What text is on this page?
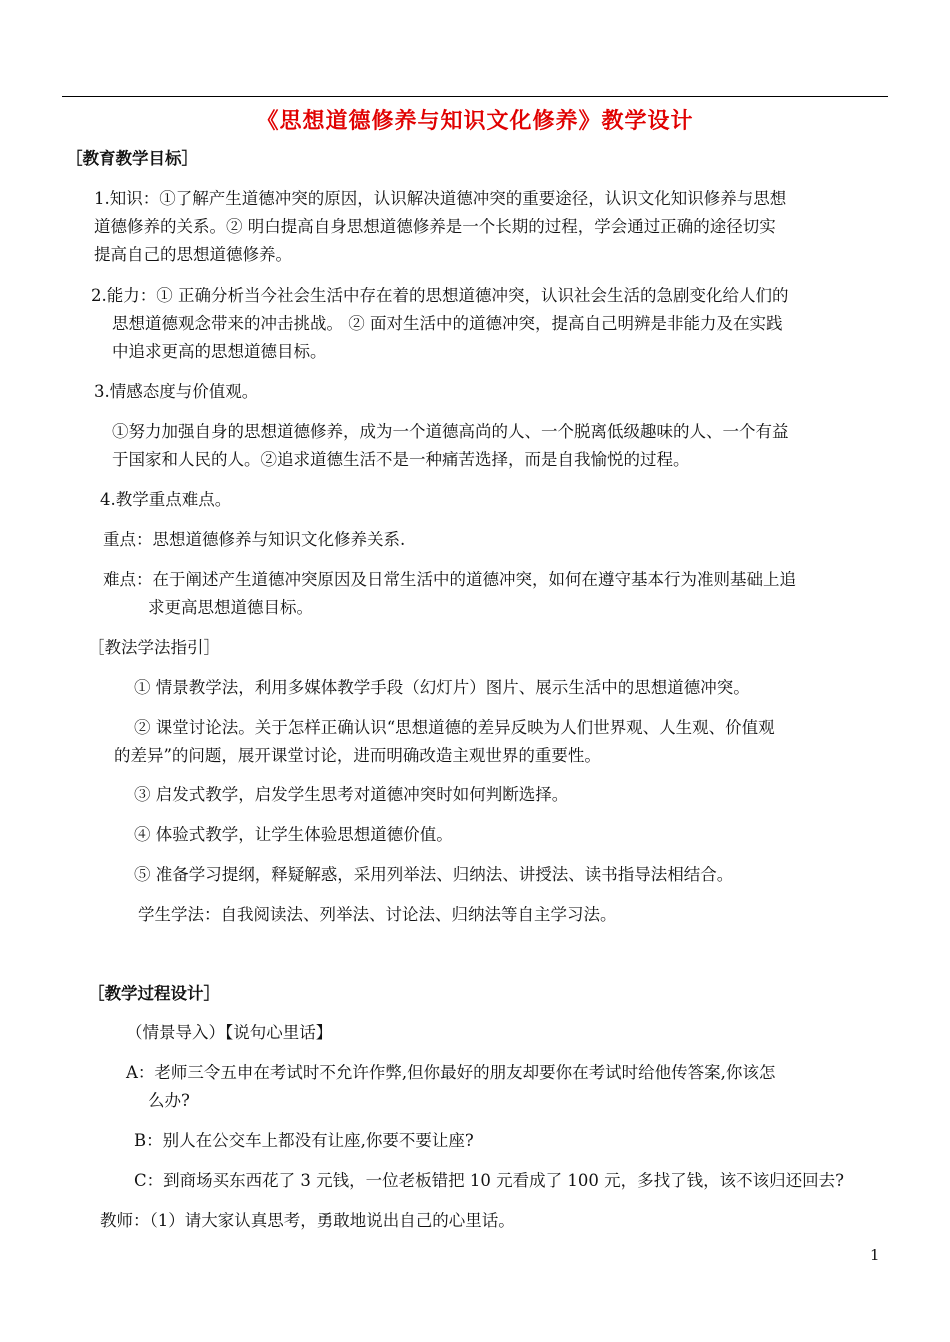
《思想道德修养与知识文化修养》教学设计
［教育教学目标］
1.知识：①了解产生道德冲突的原因，认识解决道德冲突的重要途径，认识文化知识修养与思想
道德修养的关系。② 明白提高自身思想道德修养是一个长期的过程，学会通过正确的途径切实
提高自己的思想道德修养。
2.能力：① 正确分析当今社会生活中存在着的思想道德冲突，认识社会生活的急剧变化给人们的
思想道德观念带来的冲击挑战。 ② 面对生活中的道德冲突，提高自己明辨是非能力及在实践
中追求更高的思想道德目标。
3.情感态度与价值观。
①努力加强自身的思想道德修养，成为一个道德高尚的人、一个脱离低级趣味的人、一个有益
于国家和人民的人。②追求道德生活不是一种痛苦选择，而是自我愉悦的过程。
4.教学重点难点。
重点：思想道德修养与知识文化修养关系.
难点：在于阐述产生道德冲突原因及日常生活中的道德冲突，如何在遵守基本行为准则基础上追
求更高思想道德目标。
［教法学法指引］
① 情景教学法，利用多媒体教学手段（幻灯片）图片、展示生活中的思想道德冲突。
② 课堂讨论法。关于怎样正确认识“思想道德的差异反映为人们世界观、人生观、价值观
的差异”的问题，展开课堂讨论，进而明确改造主观世界的重要性。
③ 启发式教学，启发学生思考对道德冲突时如何判断选择。
④ 体验式教学，让学生体验思想道德价值。
⑤ 准备学习提纲，释疑解惑，采用列举法、归纳法、讲授法、读书指导法相结合。
学生学法：自我阅读法、列举法、讨论法、归纳法等自主学习法。
［教学过程设计］
（情景导入）【说句心里话】
A：老师三令五申在考试时不允许作弊,但你最好的朋友却要你在考试时给他传答案,你该怎
么办?
B：别人在公交车上都没有让座,你要不要让座?
C：到商场买东西花了 3 元钱，一位老板错把 10 元看成了 100 元，多找了钱，该不该归还回去?
教师：（1）请大家认真思考，勇敢地说出自己的心里话。
1
